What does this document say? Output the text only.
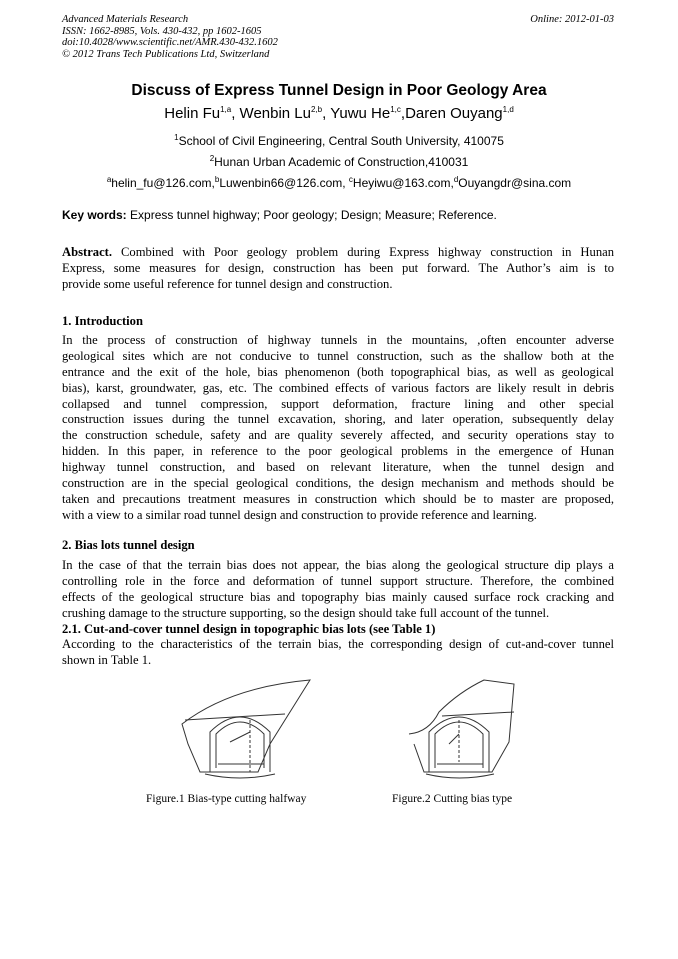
Advanced Materials Research
ISSN: 1662-8985, Vols. 430-432, pp 1602-1605
doi:10.4028/www.scientific.net/AMR.430-432.1602
© 2012 Trans Tech Publications Ltd, Switzerland
Online: 2012-01-03
Discuss of Express Tunnel Design in Poor Geology Area
Helin Fu$^{1,a}$, Wenbin Lu$^{2,b}$, Yuwu He$^{1,c}$,Daren Ouyang$^{1,d}$
$^1$School of Civil Engineering, Central South University, 410075
$^2$Hunan Urban Academic of Construction,410031
$^a$helin_fu@126.com,$^b$Luwenbin66@126.com, $^c$Heyiwu@163.com,$^d$Ouyangdr@sina.com
Key words: Express tunnel highway; Poor geology; Design; Measure; Reference.
Abstract. Combined with Poor geology problem during Express highway construction in Hunan
Express, some measures for design, construction has been put forward. The Author’s aim is to
provide some useful reference for tunnel design and construction.
1. Introduction
In the process of construction of highway tunnels in the mountains, ,often encounter adverse
geological sites which are not conducive to tunnel construction, such as the shallow both at the
entrance and the exit of the hole, bias phenomenon (both topographical bias, as well as geological
bias), karst, groundwater, gas, etc. The combined effects of various factors are likely result in debris
collapsed and tunnel compression, support deformation, fracture lining and other special
construction issues during the tunnel excavation, shoring, and later operation, subsequently delay
the construction schedule, safety and are quality severely affected, and security operations stay to
hidden. In this paper, in reference to the poor geological problems in the emergence of Hunan
highway tunnel construction, and based on relevant literature, when the tunnel design and
construction are in the special geological conditions, the design mechanism and methods should be
taken and precautions treatment measures in construction which should be to master are proposed,
with a view to a similar road tunnel design and construction to provide reference and learning.
2. Bias lots tunnel design
In the case of that the terrain bias does not appear, the bias along the geological structure dip plays a
controlling role in the force and deformation of tunnel support structure. Therefore, the combined
effects of the geological structure bias and topography bias mainly caused surface rock cracking and
crushing damage to the structure supporting, so the design should take full account of the tunnel.
2.1. Cut-and-cover tunnel design in topographic bias lots (see Table 1)
According to the characteristics of the terrain bias, the corresponding design of cut-and-cover tunnel
shown in Table 1.
Figure.1 Bias-type cutting halfway	Figure.2 Cutting bias type
